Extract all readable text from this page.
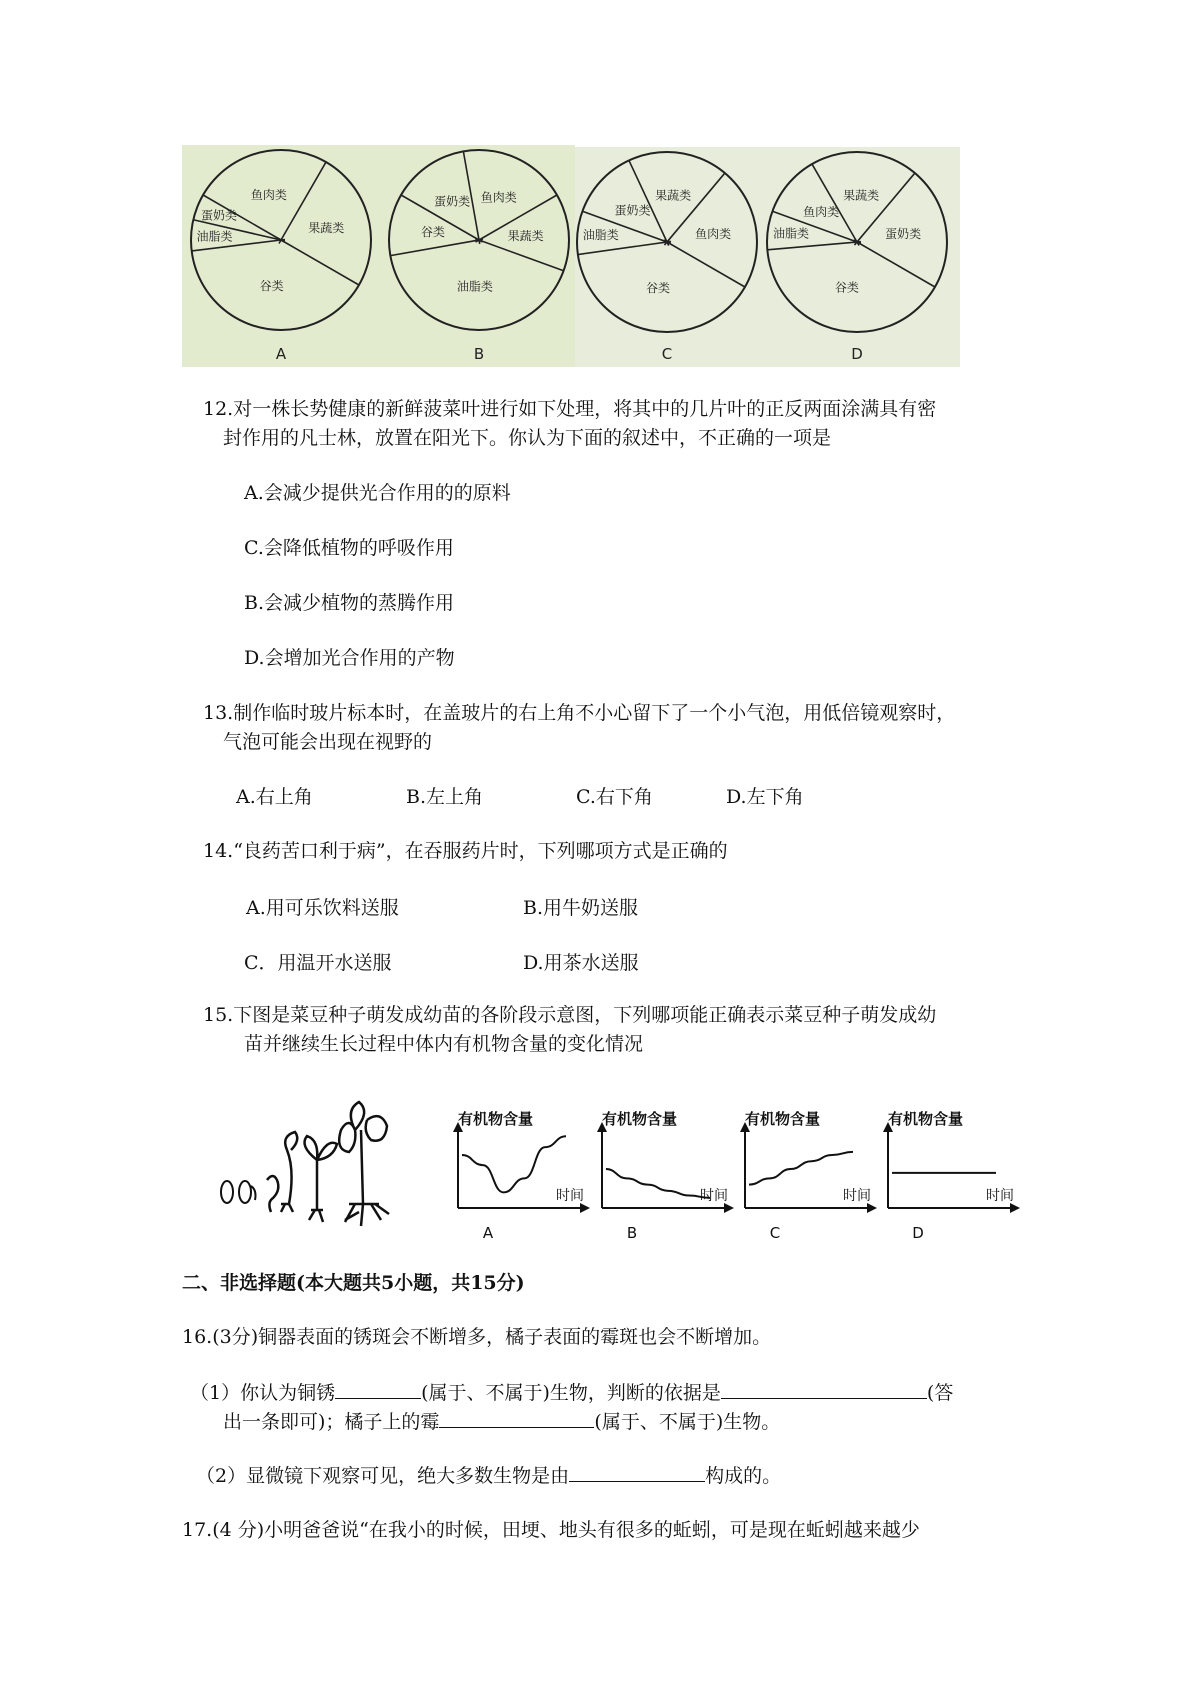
鱼肉类
果蔬类
谷类
油脂类
蛋奶类
A
鱼肉类
果蔬类
油脂类
谷类
蛋奶类
B
果蔬类
鱼肉类
谷类
油脂类
蛋奶类
C
果蔬类
蛋奶类
谷类
油脂类
鱼肉类
D
12.对一株长势健康的新鲜菠菜叶进行如下处理，将其中的几片叶的正反两面涂满具有密
封作用的凡士林，放置在阳光下。你认为下面的叙述中，不正确的一项是
A.会减少提供光合作用的的原料
C.会降低植物的呼吸作用
B.会减少植物的蒸腾作用
D.会增加光合作用的产物
13.制作临时玻片标本时，在盖玻片的右上角不小心留下了一个小气泡，用低倍镜观察时，
气泡可能会出现在视野的
A.右上角	B.左上角	C.右下角	D.左下角
14.“良药苦口利于病”，在吞服药片时，下列哪项方式是正确的
A.用可乐饮料送服	B.用牛奶送服
C．用温开水送服	D.用茶水送服
15.下图是菜豆种子萌发成幼苗的各阶段示意图，下列哪项能正确表示菜豆种子萌发成幼
苗并继续生长过程中体内有机物含量的变化情况
有机物含量
时间
A
有机物含量
时间
B
有机物含量
时间
C
有机物含量
时间
D
二、非选择题(本大题共5小题，共15分)
16.(3分)铜器表面的锈斑会不断增多，橘子表面的霉斑也会不断增加。
（1）你认为铜锈	(属于、不属于)生物，判断的依据是	(答
出一条即可)；橘子上的霉	(属于、不属于)生物。
（2）显微镜下观察可见，绝大多数生物是由	构成的。
17.(4 分)小明爸爸说“在我小的时候，田埂、地头有很多的蚯蚓，可是现在蚯蚓越来越少
